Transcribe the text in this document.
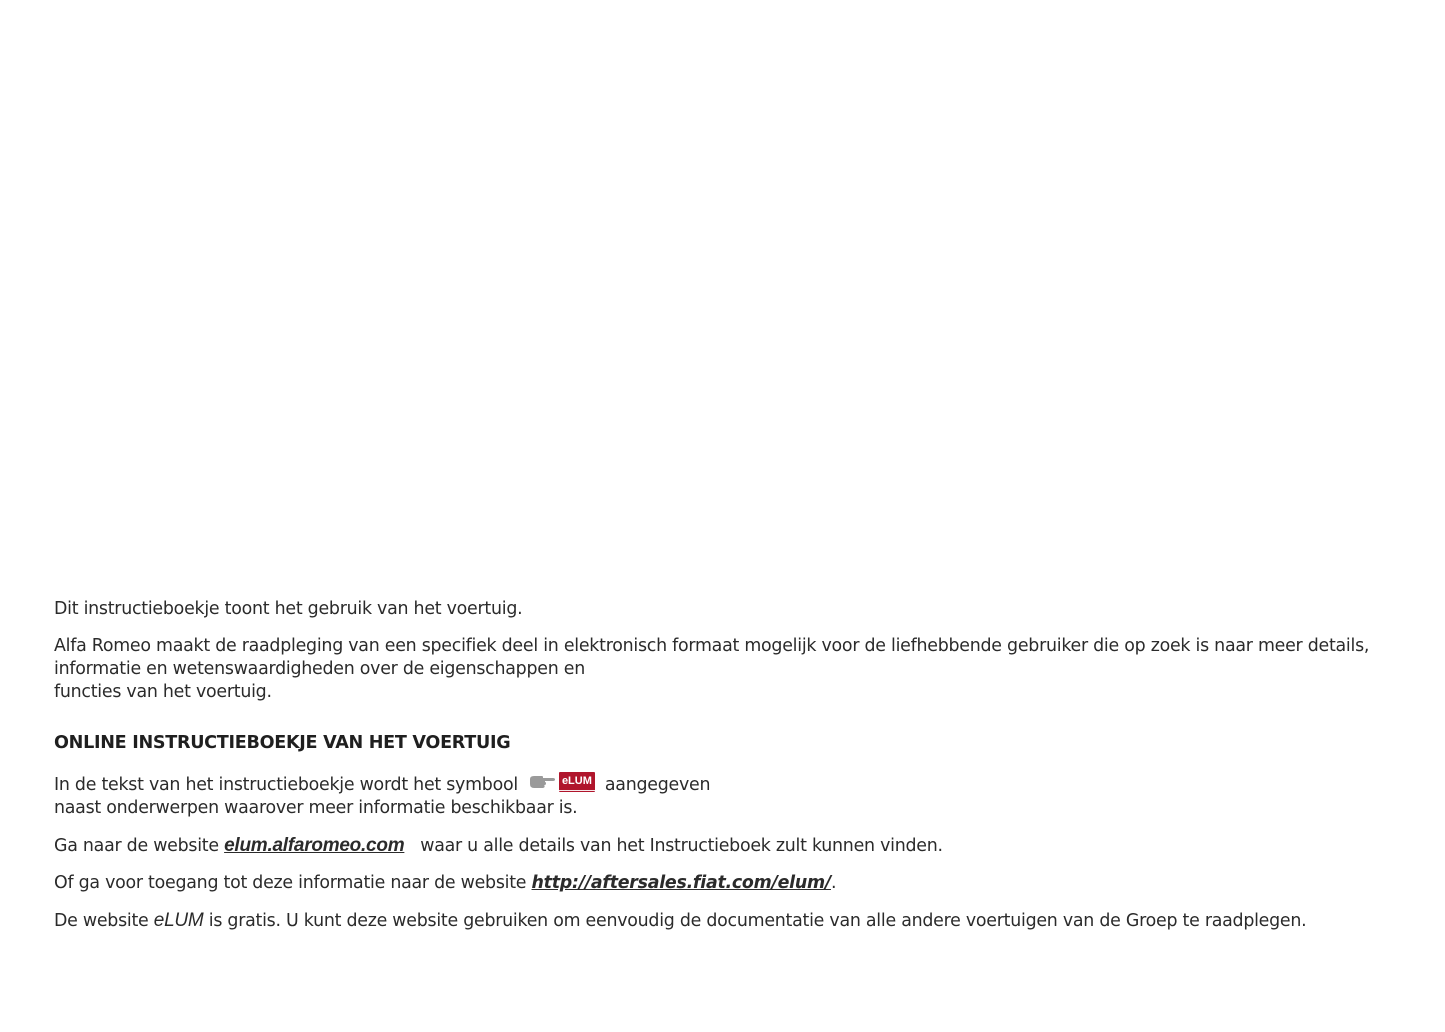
Dit instructieboekje toont het gebruik van het voertuig.

Alfa Romeo maakt de raadpleging van een specifiek deel in elektronisch formaat mogelijk voor de liefhebbende gebruiker die op zoek is naar meer details, informatie en wetenswaardigheden over de eigenschappen en
functies van het voertuig.

ONLINE INSTRUCTIEBOEKJE VAN HET VOERTUIG

In de tekst van het instructieboekje wordt het symbool	eLUM aangegeven
naast onderwerpen waarover meer informatie beschikbaar is.

Ga naar de website elum.alfaromeo.com waar u alle details van het Instructieboek zult kunnen vinden.

Of ga voor toegang tot deze informatie naar de website http://aftersales.fiat.com/elum/.

De website eLUM is gratis. U kunt deze website gebruiken om eenvoudig de documentatie van alle andere voertuigen van de Groep te raadplegen.
